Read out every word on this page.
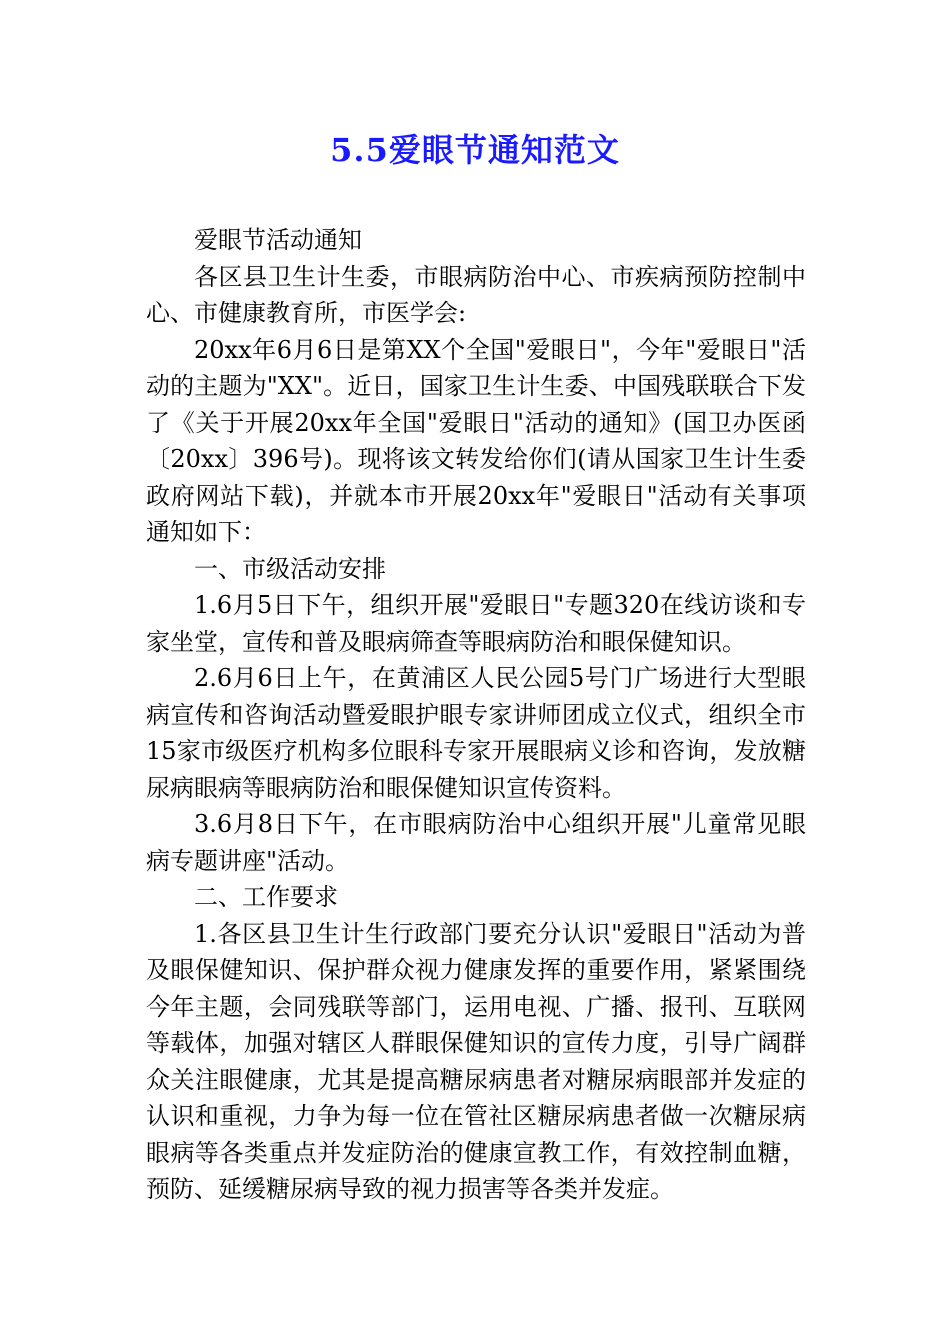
5.5爱眼节通知范文

爱眼节活动通知

各区县卫生计生委，市眼病防治中心、市疾病预防控制中心、市健康教育所，市医学会:

20xx年6月6日是第XX个全国"爱眼日"，今年"爱眼日"活动的主题为"XX"。近日，国家卫生计生委、中国残联联合下发了《关于开展20xx年全国"爱眼日"活动的通知》(国卫办医函〔20xx〕396号)。现将该文转发给你们(请从国家卫生计生委政府网站下载)，并就本市开展20xx年"爱眼日"活动有关事项通知如下：

一、市级活动安排

1.6月5日下午，组织开展"爱眼日"专题320在线访谈和专家坐堂，宣传和普及眼病筛查等眼病防治和眼保健知识。

2.6月6日上午，在黄浦区人民公园5号门广场进行大型眼病宣传和咨询活动暨爱眼护眼专家讲师团成立仪式，组织全市15家市级医疗机构多位眼科专家开展眼病义诊和咨询，发放糖尿病眼病等眼病防治和眼保健知识宣传资料。

3.6月8日下午，在市眼病防治中心组织开展"儿童常见眼病专题讲座"活动。

二、工作要求

1.各区县卫生计生行政部门要充分认识"爱眼日"活动为普及眼保健知识、保护群众视力健康发挥的重要作用，紧紧围绕今年主题，会同残联等部门，运用电视、广播、报刊、互联网等载体，加强对辖区人群眼保健知识的宣传力度，引导广阔群众关注眼健康，尤其是提高糖尿病患者对糖尿病眼部并发症的认识和重视，力争为每一位在管社区糖尿病患者做一次糖尿病眼病等各类重点并发症防治的健康宣教工作，有效控制血糖，预防、延缓糖尿病导致的视力损害等各类并发症。
